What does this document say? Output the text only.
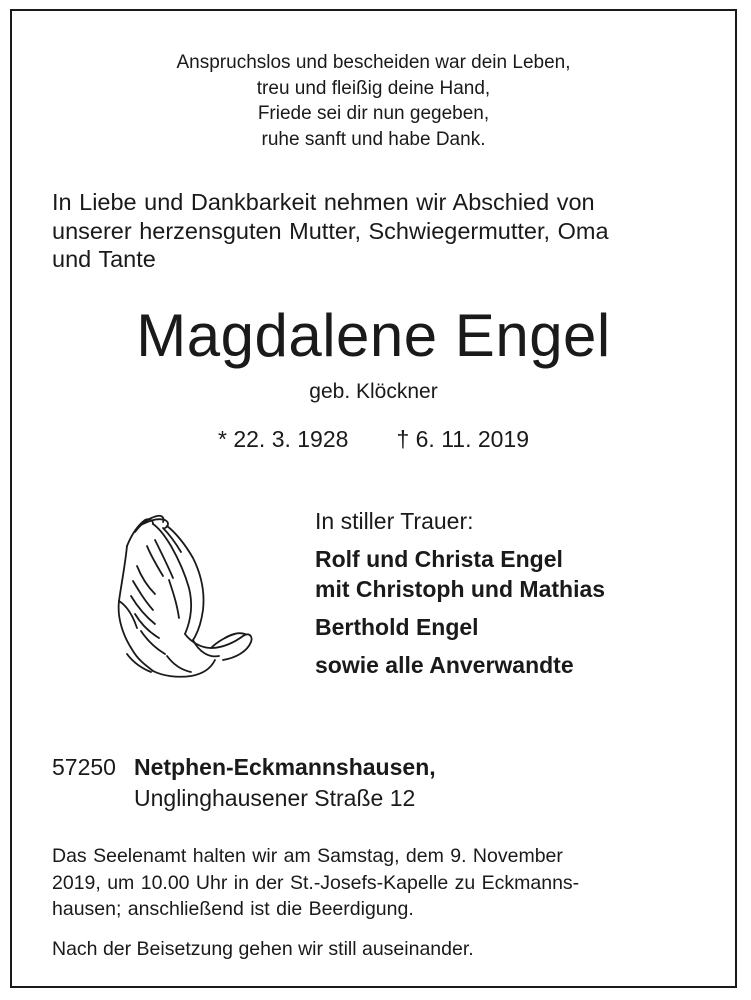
Anspruchslos und bescheiden war dein Leben,
treu und fleißig deine Hand,
Friede sei dir nun gegeben,
ruhe sanft und habe Dank.
In Liebe und Dankbarkeit nehmen wir Abschied von
unserer herzensguten Mutter, Schwiegermutter, Oma
und Tante
Magdalene Engel
geb. Klöckner
* 22. 3. 1928 † 6. 11. 2019
In stiller Trauer:
Rolf und Christa Engel
mit Christoph und Mathias
Berthold Engel
sowie alle Anverwandte
57250 Netphen-Eckmannshausen,
Unglinghausener Straße 12
Das Seelenamt halten wir am Samstag, dem 9. November
2019, um 10.00 Uhr in der St.-Josefs-Kapelle zu Eckmanns-
hausen; anschließend ist die Beerdigung.
Nach der Beisetzung gehen wir still auseinander.
